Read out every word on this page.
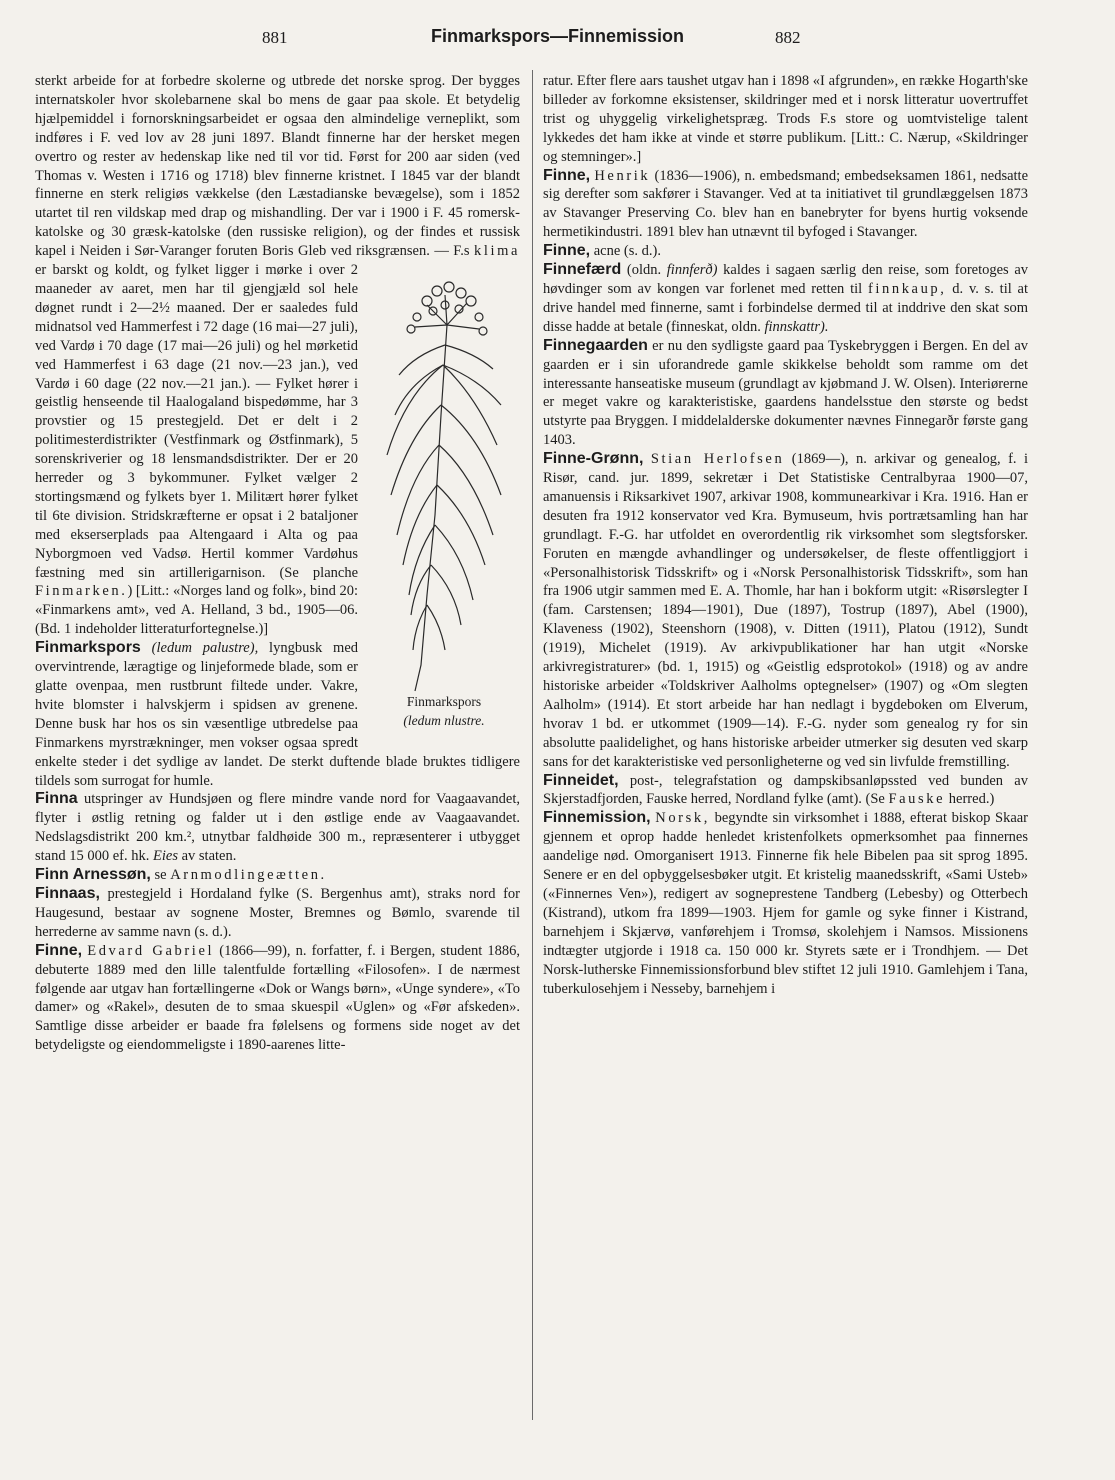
881	Finmarkspors—Finnemission	882

sterkt arbeide for at forbedre skolerne og utbrede det norske sprog. Der bygges internatskoler hvor skolebarnene skal bo mens de gaar paa skole. Et betydelig hjælpemiddel i fornorskningsarbeidet er ogsaa den almindelige verneplikt, som indføres i F. ved lov av 28 juni 1897. Blandt finnerne har der hersket megen overtro og rester av hedenskap like ned til vor tid. Først for 200 aar siden (ved Thomas v. Westen i 1716 og 1718) blev finnerne kristnet. I 1845 var der blandt finnerne en sterk religiøs vækkelse (den Læstadianske bevægelse), som i 1852 utartet til ren vildskap med drap og mishandling. Der var i 1900 i F. 45 romersk-katolske og 30 græsk-katolske (den russiske religion), og der findes et russisk kapel i Neiden i Sør-Varanger foruten Boris Gleb ved riksgrænsen. — F.s klima
Finmarkspors
(ledum nlustre.
er barskt og koldt, og fylket ligger i mørke i over 2 maaneder av aaret, men har til gjengjæld sol hele døgnet rundt i 2—2½ maaned. Der er saaledes fuld midnatsol ved Hammerfest i 72 dage (16 mai—27 juli), ved Vardø i 70 dage (17 mai—26 juli) og hel mørketid ved Hammerfest i 63 dage (21 nov.—23 jan.), ved Vardø i 60 dage (22 nov.—21 jan.). — Fylket hører i geistlig henseende til Haalogaland bispedømme, har 3 provstier og 15 prestegjeld. Det er delt i 2 politimesterdistrikter (Vestfinmark og Østfinmark), 5 sorenskriverier og 18 lensmandsdistrikter. Der er 20 herreder og 3 bykommuner. Fylket vælger 2 stortingsmænd og fylkets byer 1. Militært hører fylket til 6te division. Stridskræfterne er opsat i 2 bataljoner med ekserserplads paa Altengaard i Alta og paa Nyborgmoen ved Vadsø. Hertil kommer Vardøhus fæstning med sin artillerigarnison. (Se planche Finmarken.) [Litt.: «Norges land og folk», bind 20: «Finmarkens amt», ved A. Helland, 3 bd., 1905—06. (Bd. 1 indeholder litteraturfortegnelse.)]

Finmarkspors (ledum palustre), lyngbusk med overvintrende, læragtige og linjeformede blade, som er glatte ovenpaa, men rustbrunt filtede under. Vakre, hvite blomster i halvskjerm i spidsen av grenene. Denne busk har hos os sin væsentlige utbredelse paa Finmarkens myrstrækninger, men vokser ogsaa spredt enkelte steder i det sydlige av landet. De sterkt duftende blade bruktes tidligere tildels som surrogat for humle.

Finna utspringer av Hundsjøen og flere mindre vande nord for Vaagaavandet, flyter i østlig retning og falder ut i den østlige ende av Vaagaavandet. Nedslagsdistrikt 200 km.², utnytbar faldhøide 300 m., repræsenterer i utbygget stand 15 000 ef. hk. Eies av staten.

Finn Arnessøn, se Arnmodlingeætten.

Finnaas, prestegjeld i Hordaland fylke (S. Bergenhus amt), straks nord for Haugesund, bestaar av sognene Moster, Bremnes og Bømlo, svarende til herrederne av samme navn (s. d.).

Finne, Edvard Gabriel (1866—99), n. forfatter, f. i Bergen, student 1886, debuterte 1889 med den lille talentfulde fortælling «Filosofen». I de nærmest følgende aar utgav han fortællingerne «Dok or Wangs børn», «Unge syndere», «To damer» og «Rakel», desuten de to smaa skuespil «Uglen» og «Før afskeden». Samtlige disse arbeider er baade fra følelsens og formens side noget av det betydeligste og eiendommeligste i 1890-aarenes litte-

ratur. Efter flere aars taushet utgav han i 1898 «I afgrunden», en række Hogarth'ske billeder av forkomne eksistenser, skildringer med et i norsk litteratur uovertruffet trist og uhyggelig virkelighetspræg. Trods F.s store og uomtvistelige talent lykkedes det ham ikke at vinde et større publikum. [Litt.: C. Nærup, «Skildringer og stemninger».]

Finne, Henrik (1836—1906), n. embedsmand; embedseksamen 1861, nedsatte sig derefter som sakfører i Stavanger. Ved at ta initiativet til grundlæggelsen 1873 av Stavanger Preserving Co. blev han en banebryter for byens hurtig voksende hermetikindustri. 1891 blev han utnævnt til byfoged i Stavanger.

Finne, acne (s. d.).

Finnefærd (oldn. finnferð) kaldes i sagaen særlig den reise, som foretoges av høvdinger som av kongen var forlenet med retten til finnkaup, d. v. s. til at drive handel med finnerne, samt i forbindelse dermed til at inddrive den skat som disse hadde at betale (finneskat, oldn. finnskattr).

Finnegaarden er nu den sydligste gaard paa Tyskebryggen i Bergen. En del av gaarden er i sin uforandrede gamle skikkelse beholdt som ramme om det interessante hanseatiske museum (grundlagt av kjøbmand J. W. Olsen). Interiørerne er meget vakre og karakteristiske, gaardens handelsstue den største og bedst utstyrte paa Bryggen. I middelalderske dokumenter nævnes Finnegarðr første gang 1403.

Finne-Grønn, Stian Herlofsen (1869—), n. arkivar og genealog, f. i Risør, cand. jur. 1899, sekretær i Det Statistiske Centralbyraa 1900—07, amanuensis i Riksarkivet 1907, arkivar 1908, kommunearkivar i Kra. 1916. Han er desuten fra 1912 konservator ved Kra. Bymuseum, hvis portrætsamling han har grundlagt. F.-G. har utfoldet en overordentlig rik virksomhet som slegtsforsker. Foruten en mængde avhandlinger og undersøkelser, de fleste offentliggjort i «Personalhistorisk Tidsskrift» og i «Norsk Personalhistorisk Tidsskrift», som han fra 1906 utgir sammen med E. A. Thomle, har han i bokform utgit: «Risørslegter I (fam. Carstensen; 1894—1901), Due (1897), Tostrup (1897), Abel (1900), Klaveness (1902), Steenshorn (1908), v. Ditten (1911), Platou (1912), Sundt (1919), Michelet (1919). Av arkivpublikationer har han utgit «Norske arkivregistraturer» (bd. 1, 1915) og «Geistlig edsprotokol» (1918) og av andre historiske arbeider «Toldskriver Aalholms optegnelser» (1907) og «Om slegten Aalholm» (1914). Et stort arbeide har han nedlagt i bygdeboken om Elverum, hvorav 1 bd. er utkommet (1909—14). F.-G. nyder som genealog ry for sin absolutte paalidelighet, og hans historiske arbeider utmerker sig desuten ved skarp sans for det karakteristiske ved personligheterne og ved sin livfulde fremstilling.

Finneidet, post-, telegrafstation og dampskibsanløpssted ved bunden av Skjerstadfjorden, Fauske herred, Nordland fylke (amt). (Se Fauske herred.)

Finnemission, Norsk, begyndte sin virksomhet i 1888, efterat biskop Skaar gjennem et oprop hadde henledet kristenfolkets opmerksomhet paa finnernes aandelige nød. Omorganisert 1913. Finnerne fik hele Bibelen paa sit sprog 1895. Senere er en del opbyggelsesbøker utgit. Et kristelig maanedsskrift, «Sami Usteb» («Finnernes Ven»), redigert av sogneprestene Tandberg (Lebesby) og Otterbech (Kistrand), utkom fra 1899—1903. Hjem for gamle og syke finner i Kistrand, barnehjem i Skjærvø, vanførehjem i Tromsø, skolehjem i Namsos. Missionens indtægter utgjorde i 1918 ca. 150 000 kr. Styrets sæte er i Trondhjem. — Det Norsk-lutherske Finnemissionsforbund blev stiftet 12 juli 1910. Gamlehjem i Tana, tuberkulosehjem i Nesseby, barnehjem i
